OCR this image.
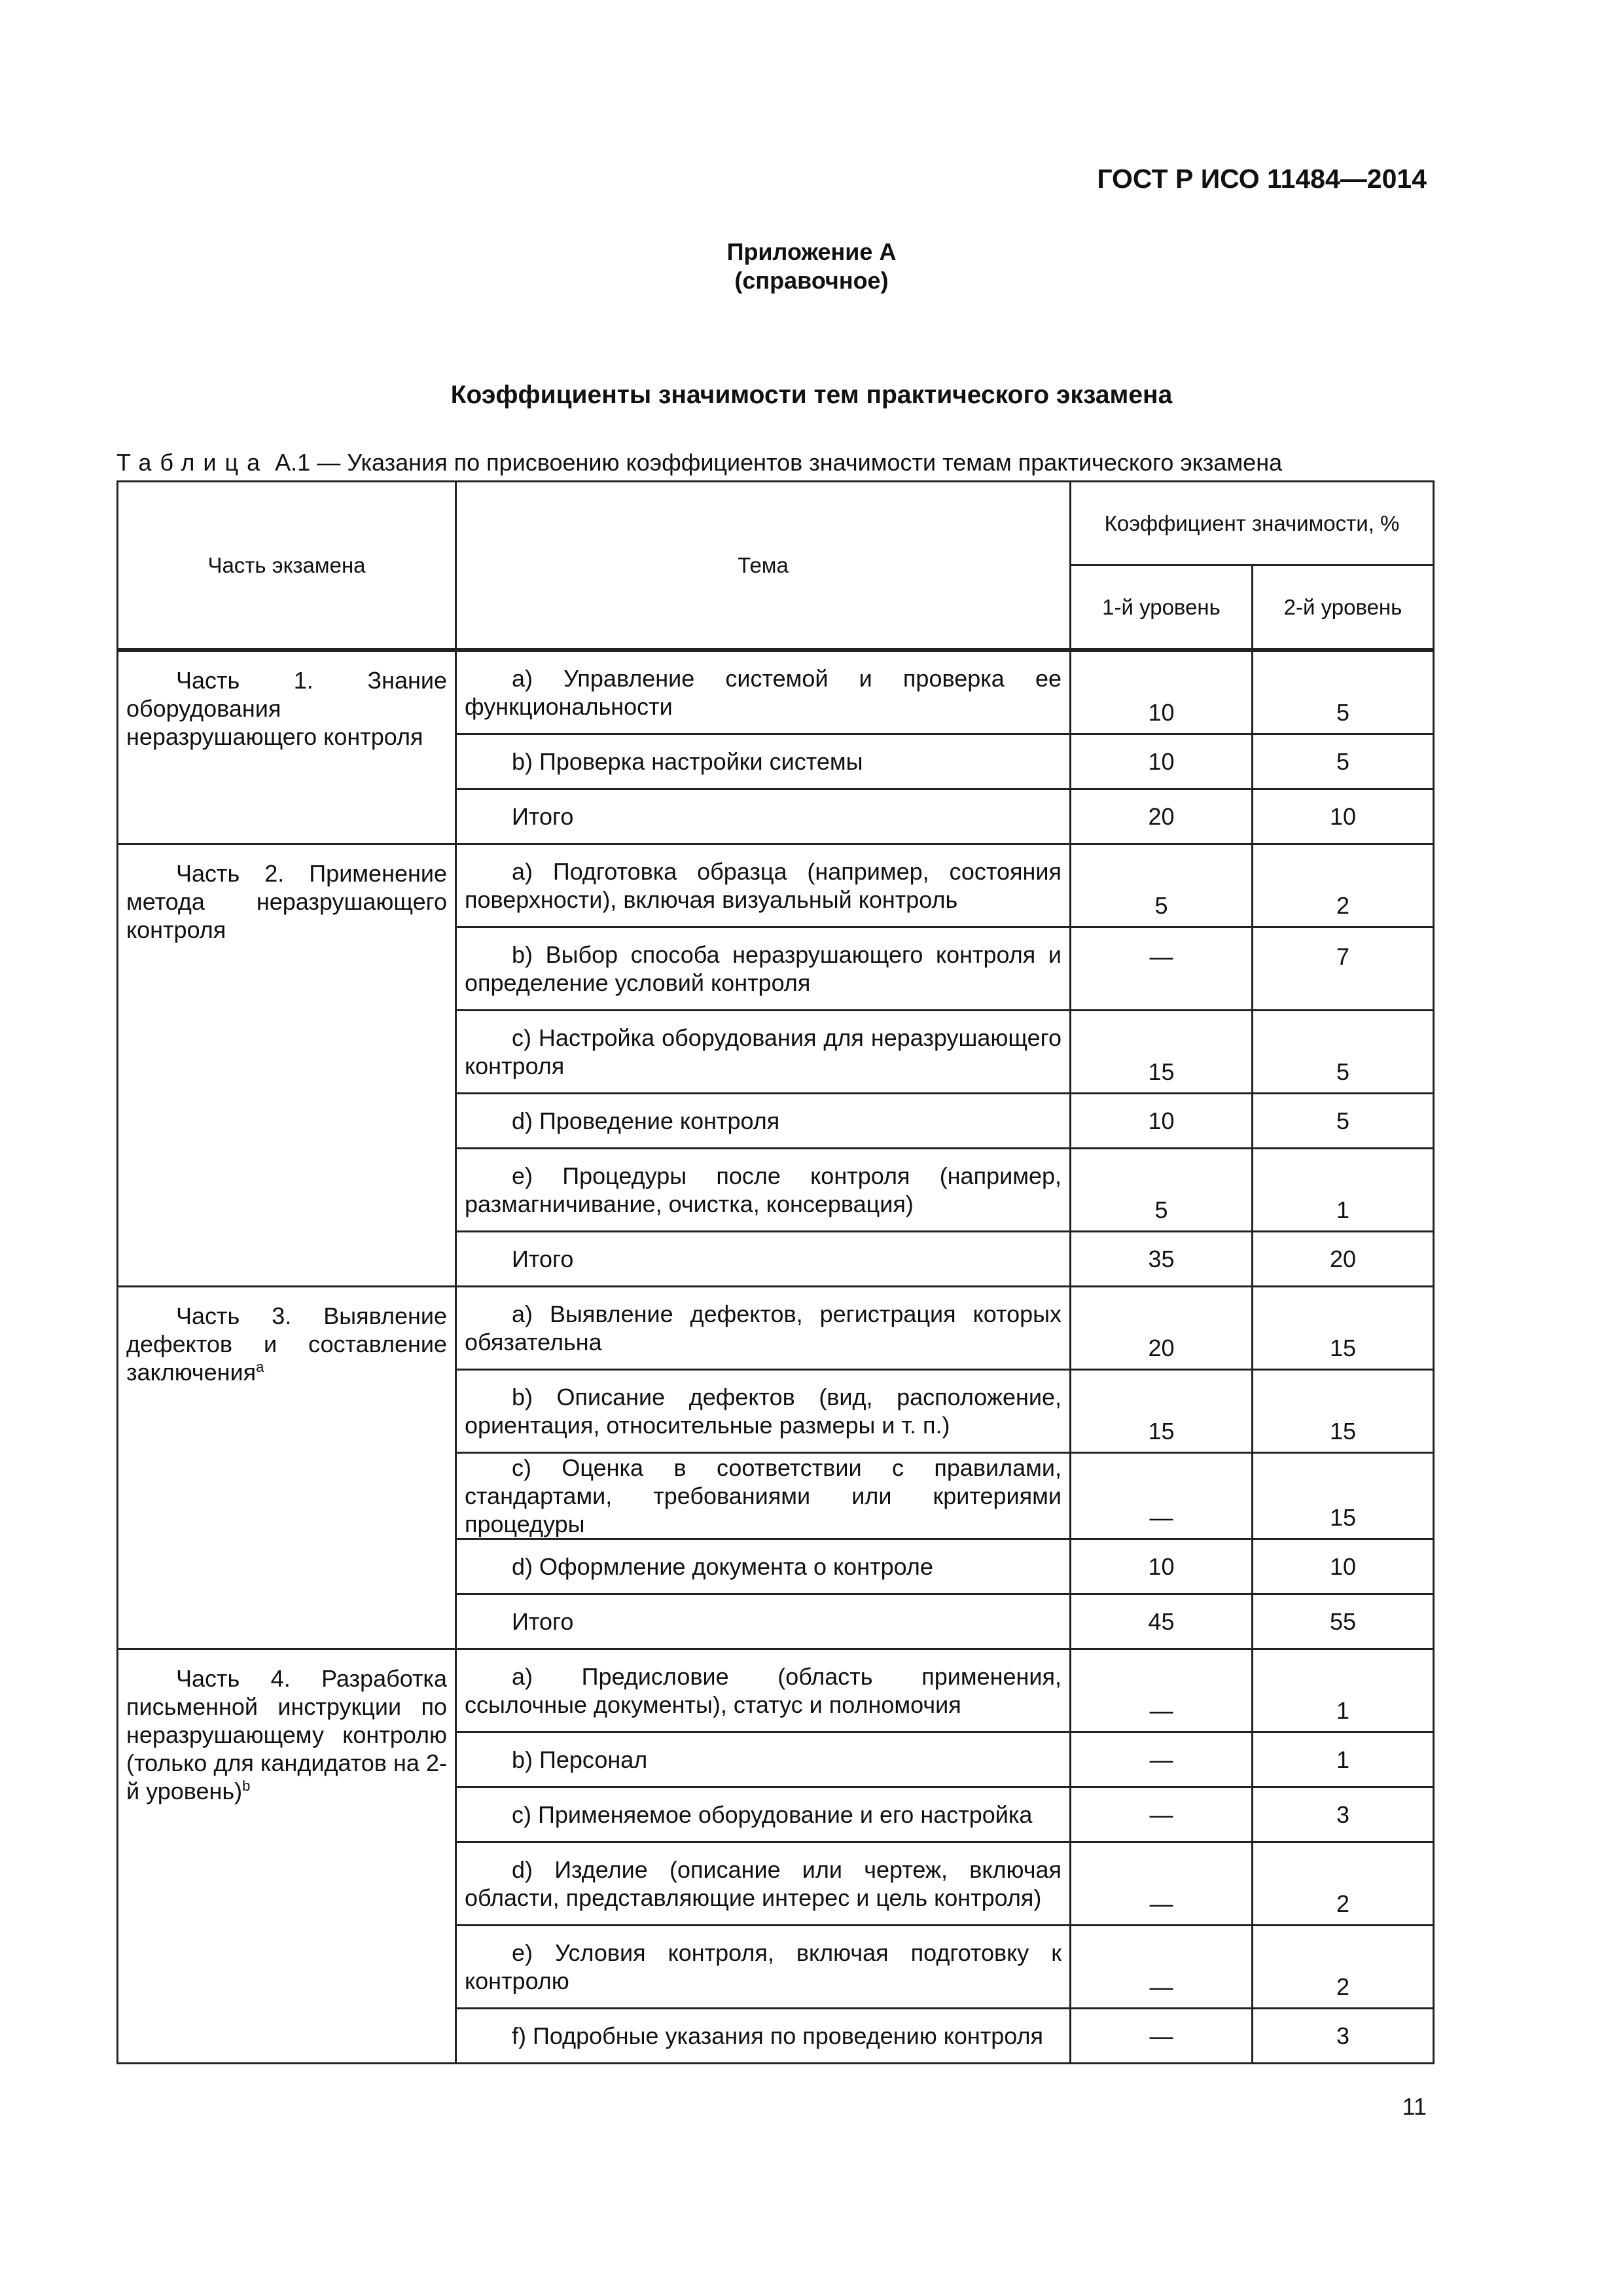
ГОСТ Р ИСО 11484—2014
Приложение А
(справочное)
Коэффициенты значимости тем практического экзамена
Таблица А.1 — Указания по присвоению коэффициентов значимости темам практического экзамена
Часть экзамена	Тема	Коэффициент значимости, %	
		1-й уровень	2-й уровень

Часть 1. Знание оборудования неразрушающего контроля	a) Управление системой и проверка ее функциональности	10	5

	b) Проверка настройки системы	10	5

	Итого	20	10

Часть 2. Применение метода неразрушающего контроля	a) Подготовка образца (например, состояния поверхности), включая визуальный контроль	5	2

	b) Выбор способа неразрушающего контроля и определение условий контроля	—	7

	c) Настройка оборудования для неразрушающего контроля	15	5

	d) Проведение контроля	10	5

	e) Процедуры после контроля (например, размагничивание, очистка, консервация)	5	1

	Итого	35	20

Часть 3. Выявление дефектов и составление заключения$^a$	a) Выявление дефектов, регистрация которых обязательна	20	15

	b) Описание дефектов (вид, расположение, ориентация, относительные размеры и т. п.)	15	15

	c) Оценка в соответствии с правилами, стандартами, требованиями или критериями процедуры	—	15

	d) Оформление документа о контроле	10	10

	Итого	45	55

Часть 4. Разработка письменной инструкции по неразрушающему контролю (только для кандидатов на 2-й уровень)$^b$	a) Предисловие (область применения, ссылочные документы), статус и полномочия	—	1

	b) Персонал	—	1

	c) Применяемое оборудование и его настройка	—	3

	d) Изделие (описание или чертеж, включая области, представляющие интерес и цель контроля)	—	2

	e) Условия контроля, включая подготовку к контролю	—	2

	f) Подробные указания по проведению контроля	—	3
11
